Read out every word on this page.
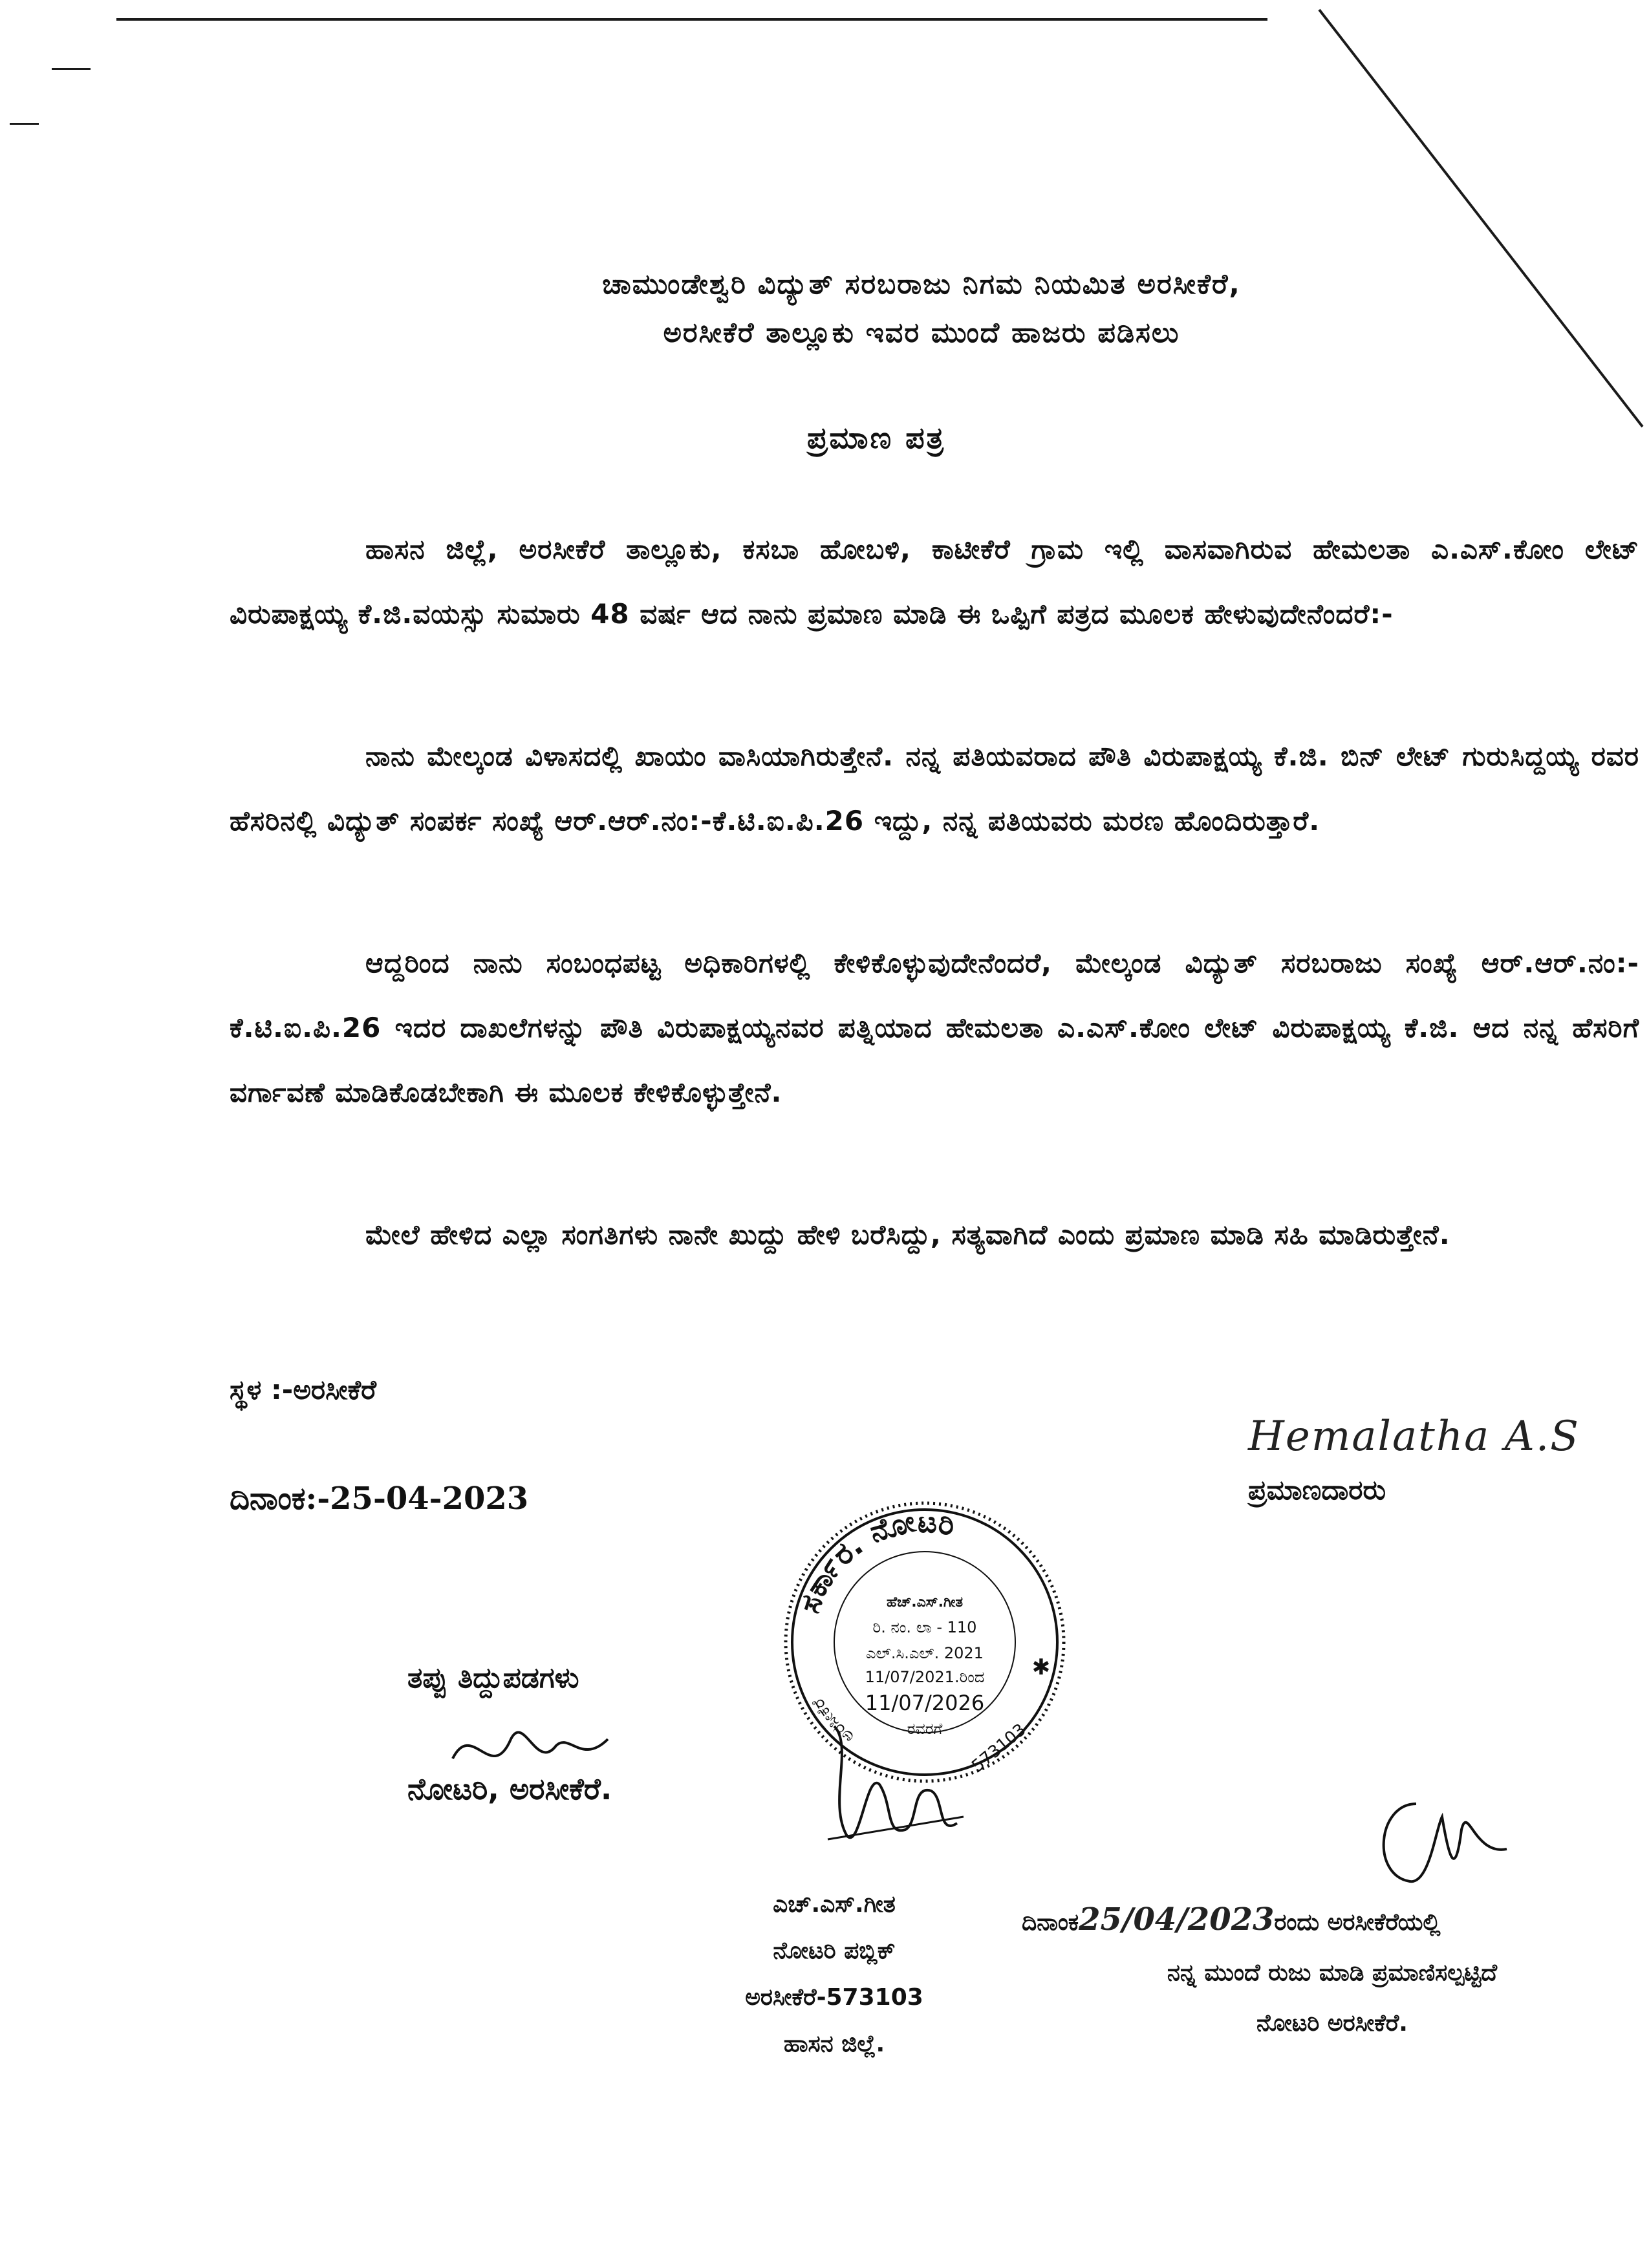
ಚಾಮುಂಡೇಶ್ವರಿ ವಿದ್ಯುತ್ ಸರಬರಾಜು ನಿಗಮ ನಿಯಮಿತ ಅರಸೀಕೆರೆ,
ಅರಸೀಕೆರೆ ತಾಲ್ಲೂಕು ಇವರ ಮುಂದೆ ಹಾಜರು ಪಡಿಸಲು
ಪ್ರಮಾಣ ಪತ್ರ

ಹಾಸನ ಜಿಲ್ಲೆ, ಅರಸೀಕೆರೆ ತಾಲ್ಲೂಕು, ಕಸಬಾ ಹೋಬಳಿ, ಕಾಟೀಕೆರೆ ಗ್ರಾಮ ಇಲ್ಲಿ ವಾಸವಾಗಿರುವ ಹೇಮಲತಾ ಎ.ಎಸ್.ಕೋಂ ಲೇಟ್ ವಿರುಪಾಕ್ಷಯ್ಯ ಕೆ.ಜಿ.ವಯಸ್ಸು ಸುಮಾರು 48 ವರ್ಷ ಆದ ನಾನು ಪ್ರಮಾಣ ಮಾಡಿ ಈ ಒಪ್ಪಿಗೆ ಪತ್ರದ ಮೂಲಕ ಹೇಳುವುದೇನೆಂದರೆ:-

ನಾನು ಮೇಲ್ಕಂಡ ವಿಳಾಸದಲ್ಲಿ ಖಾಯಂ ವಾಸಿಯಾಗಿರುತ್ತೇನೆ. ನನ್ನ ಪತಿಯವರಾದ ಪೌತಿ ವಿರುಪಾಕ್ಷಯ್ಯ ಕೆ.ಜಿ. ಬಿನ್ ಲೇಟ್ ಗುರುಸಿದ್ದಯ್ಯ ರವರ ಹೆಸರಿನಲ್ಲಿ ವಿದ್ಯುತ್ ಸಂಪರ್ಕ ಸಂಖ್ಯೆ ಆರ್.ಆರ್.ನಂ:-ಕೆ.ಟಿ.ಐ.ಪಿ.26 ಇದ್ದು, ನನ್ನ ಪತಿಯವರು ಮರಣ ಹೊಂದಿರುತ್ತಾರೆ.

ಆದ್ದರಿಂದ ನಾನು ಸಂಬಂಧಪಟ್ಟ ಅಧಿಕಾರಿಗಳಲ್ಲಿ ಕೇಳಿಕೊಳ್ಳುವುದೇನೆಂದರೆ, ಮೇಲ್ಕಂಡ ವಿದ್ಯುತ್ ಸರಬರಾಜು ಸಂಖ್ಯೆ ಆರ್.ಆರ್.ನಂ:-ಕೆ.ಟಿ.ಐ.ಪಿ.26 ಇದರ ದಾಖಲೆಗಳನ್ನು ಪೌತಿ ವಿರುಪಾಕ್ಷಯ್ಯನವರ ಪತ್ನಿಯಾದ ಹೇಮಲತಾ ಎ.ಎಸ್.ಕೋಂ ಲೇಟ್ ವಿರುಪಾಕ್ಷಯ್ಯ ಕೆ.ಜಿ. ಆದ ನನ್ನ ಹೆಸರಿಗೆ ವರ್ಗಾವಣೆ ಮಾಡಿಕೊಡಬೇಕಾಗಿ ಈ ಮೂಲಕ ಕೇಳಿಕೊಳ್ಳುತ್ತೇನೆ.

ಮೇಲೆ ಹೇಳಿದ ಎಲ್ಲಾ ಸಂಗತಿಗಳು ನಾನೇ ಖುದ್ದು ಹೇಳಿ ಬರೆಸಿದ್ದು, ಸತ್ಯವಾಗಿದೆ ಎಂದು ಪ್ರಮಾಣ ಮಾಡಿ ಸಹಿ ಮಾಡಿರುತ್ತೇನೆ.

ಸ್ಥಳ :-ಅರಸೀಕೆರೆ
ದಿನಾಂಕ:-25-04-2023
Hemalatha A.S
ಪ್ರಮಾಣದಾರರು
ಸರ್ಕಾರ. ನೋಟರಿ
ಅರಸೀಕೆರೆ
ಹೆಚ್.ಎಸ್.ಗೀತ
ರಿ. ನಂ. ಲಾ - 110
ಎಲ್.ಸಿ.ಎಲ್. 2021
11/07/2021.ರಿಂದ
11/07/2026
ರವರಗೆ 573103
✱
ತಪ್ಪು ತಿದ್ದುಪಡಗಳು
ನೋಟರಿ, ಅರಸೀಕೆರೆ.
ಎಚ್.ಎಸ್.ಗೀತ
ನೋಟರಿ ಪಬ್ಲಿಕ್
ಅರಸೀಕೆರೆ-573103
ಹಾಸನ ಜಿಲ್ಲೆ.
ದಿನಾಂಕ25/04/2023ರಂದು ಅರಸೀಕೆರೆಯಲ್ಲಿ
ನನ್ನ ಮುಂದೆ ರುಜು ಮಾಡಿ ಪ್ರಮಾಣಿಸಲ್ಪಟ್ಟಿದೆ
ನೋಟರಿ ಅರಸೀಕೆರೆ.
